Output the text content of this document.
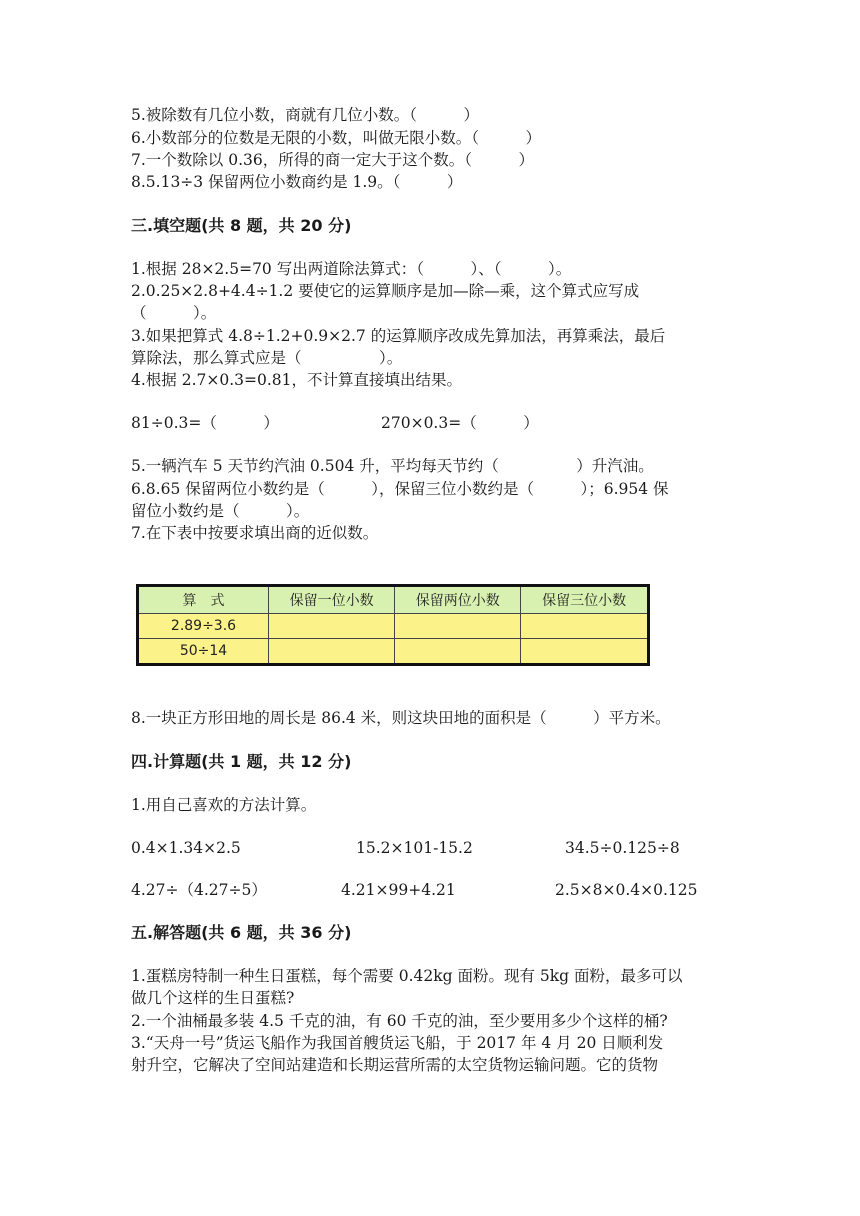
5.被除数有几位小数，商就有几位小数。（　　　）
6.小数部分的位数是无限的小数，叫做无限小数。（　　　）
7.一个数除以 0.36，所得的商一定大于这个数。（　　　）
8.5.13÷3 保留两位小数商约是 1.9。（　　　）
三.填空题(共 8 题，共 20 分)
1.根据 28×2.5=70 写出两道除法算式：（　　　）、（　　　）。
2.0.25×2.8+4.4÷1.2 要使它的运算顺序是加—除—乘，这个算式应写成
（　　　）。
3.如果把算式 4.8÷1.2+0.9×2.7 的运算顺序改成先算加法，再算乘法，最后
算除法，那么算式应是（　　　　　）。
4.根据 2.7×0.3=0.81，不计算直接填出结果。
81÷0.3=（　　　）	270×0.3=（　　　）
5.一辆汽车 5 天节约汽油 0.504 升，平均每天节约（　　　　　）升汽油。
6.8.65 保留两位小数约是（　　　），保留三位小数约是（　　　）；6.954 保
留位小数约是（　　　）。
7.在下表中按要求填出商的近似数。
算　式	保留一位小数	保留两位小数	保留三位小数
2.89÷3.6			
50÷14			
8.一块正方形田地的周长是 86.4 米，则这块田地的面积是（　　　）平方米。
四.计算题(共 1 题，共 12 分)
1.用自己喜欢的方法计算。
0.4×1.34×2.5	15.2×101-15.2	34.5÷0.125÷8
4.27÷（4.27÷5）	4.21×99+4.21	2.5×8×0.4×0.125
五.解答题(共 6 题，共 36 分)
1.蛋糕房特制一种生日蛋糕，每个需要 0.42kg 面粉。现有 5kg 面粉，最多可以
做几个这样的生日蛋糕?
2.一个油桶最多装 4.5 千克的油，有 60 千克的油，至少要用多少个这样的桶?
3.“天舟一号”货运飞船作为我国首艘货运飞船，于 2017 年 4 月 20 日顺利发
射升空，它解决了空间站建造和长期运营所需的太空货物运输问题。它的货物
